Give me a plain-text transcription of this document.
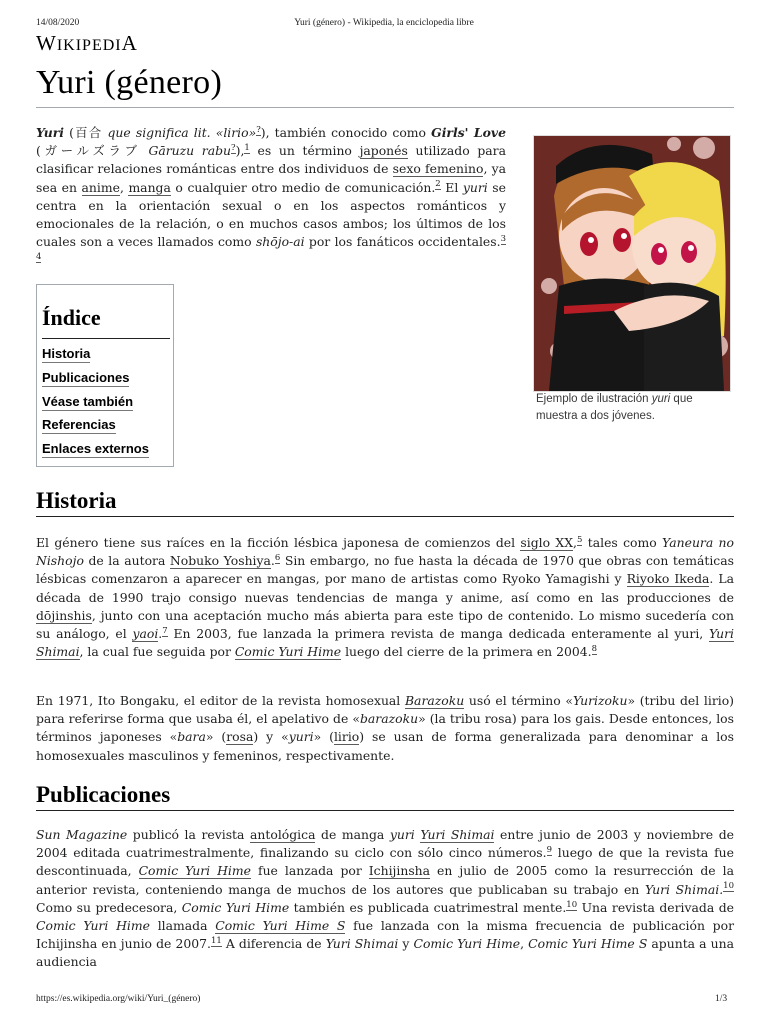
14/08/2020	Yuri (género) - Wikipedia, la enciclopedia libre
WIKIPEDIA
Yuri (género)

Yuri (百合 que significa lit. «lirio»?), también conocido como Girls' Love (ガールズラブ Gāruzu rabu?),$^1$ es un término japonés utilizado para clasificar relaciones románticas entre dos individuos de sexo femenino, ya sea en anime, manga o cualquier otro medio de comunicación.$^2$ El yuri se centra en la orientación sexual o en los aspectos románticos y emocionales de la relación, o en muchos casos ambos; los últimos de los cuales son a veces llamados como shōjo-ai por los fanáticos occidentales.$^3$ $^4$

Ejemplo de ilustración yuri que muestra a dos jóvenes.
Índice
Historia
Publicaciones
Véase también
Referencias
Enlaces externos
Historia

El género tiene sus raíces en la ficción lésbica japonesa de comienzos del siglo XX,$^5$ tales como Yaneura no Nishojo de la autora Nobuko Yoshiya.$^6$ Sin embargo, no fue hasta la década de 1970 que obras con temáticas lésbicas comenzaron a aparecer en mangas, por mano de artistas como Ryoko Yamagishi y Riyoko Ikeda. La década de 1990 trajo consigo nuevas tendencias de manga y anime, así como en las producciones de dōjinshis, junto con una aceptación mucho más abierta para este tipo de contenido. Lo mismo sucedería con su análogo, el yaoi.$^7$ En 2003, fue lanzada la primera revista de manga dedicada enteramente al yuri, Yuri Shimai, la cual fue seguida por Comic Yuri Hime luego del cierre de la primera en 2004.$^8$

En 1971, Ito Bongaku, el editor de la revista homosexual Barazoku usó el término «Yurizoku» (tribu del lirio) para referirse forma que usaba él, el apelativo de «barazoku» (la tribu rosa) para los gais. Desde entonces, los términos japoneses «bara» (rosa) y «yuri» (lirio) se usan de forma generalizada para denominar a los homosexuales masculinos y femeninos, respectivamente.

Publicaciones

Sun Magazine publicó la revista antológica de manga yuri Yuri Shimai entre junio de 2003 y noviembre de 2004 editada cuatrimestralmente, finalizando su ciclo con sólo cinco números.$^9$ luego de que la revista fue descontinuada, Comic Yuri Hime fue lanzada por Ichijinsha en julio de 2005 como la resurrección de la anterior revista, conteniendo manga de muchos de los autores que publicaban su trabajo en Yuri Shimai.$^{10}$ Como su predecesora, Comic Yuri Hime también es publicada cuatrimestral mente.$^{10}$ Una revista derivada de Comic Yuri Hime llamada Comic Yuri Hime S fue lanzada con la misma frecuencia de publicación por Ichijinsha en junio de 2007.11 A diferencia de Yuri Shimai y Comic Yuri Hime, Comic Yuri Hime S apunta a una audiencia

https://es.wikipedia.org/wiki/Yuri_(género)	1/3
